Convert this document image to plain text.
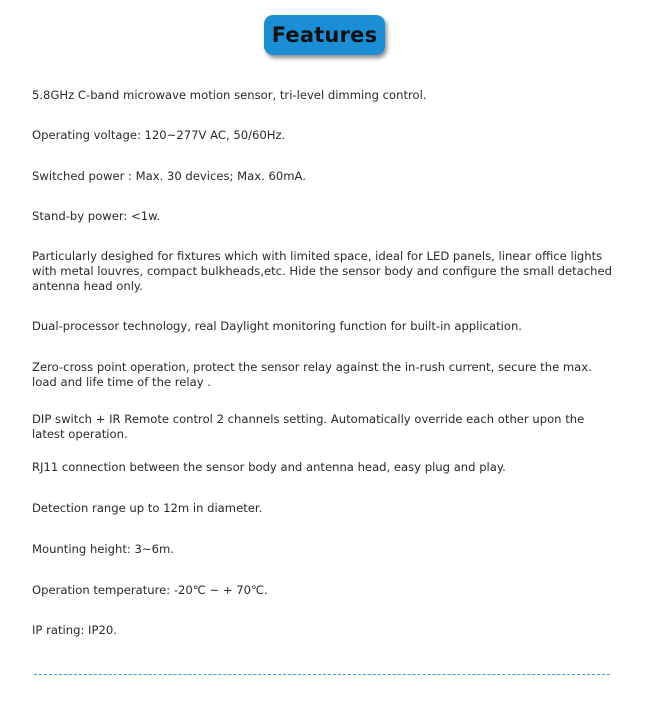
Features

5.8GHz C-band microwave motion sensor, tri-level dimming control.

Operating voltage: 120~277V AC, 50/60Hz.

Switched power : Max. 30 devices; Max. 60mA.

Stand-by power: <1w.

Particularly desighed for fixtures which with limited space, ideal for LED panels, linear office lights with metal louvres, compact bulkheads,etc. Hide the sensor body and configure the small detached antenna head only.

Dual-processor technology, real Daylight monitoring function for built-in application.

Zero-cross point operation, protect the sensor relay against the in-rush current, secure the max. load and life time of the relay .

DIP switch + IR Remote control 2 channels setting. Automatically override each other upon the latest operation.

RJ11 connection between the sensor body and antenna head, easy plug and play.

Detection range up to 12m in diameter.

Mounting height: 3~6m.

Operation temperature: -20℃ ~ + 70℃.

IP rating: IP20.
